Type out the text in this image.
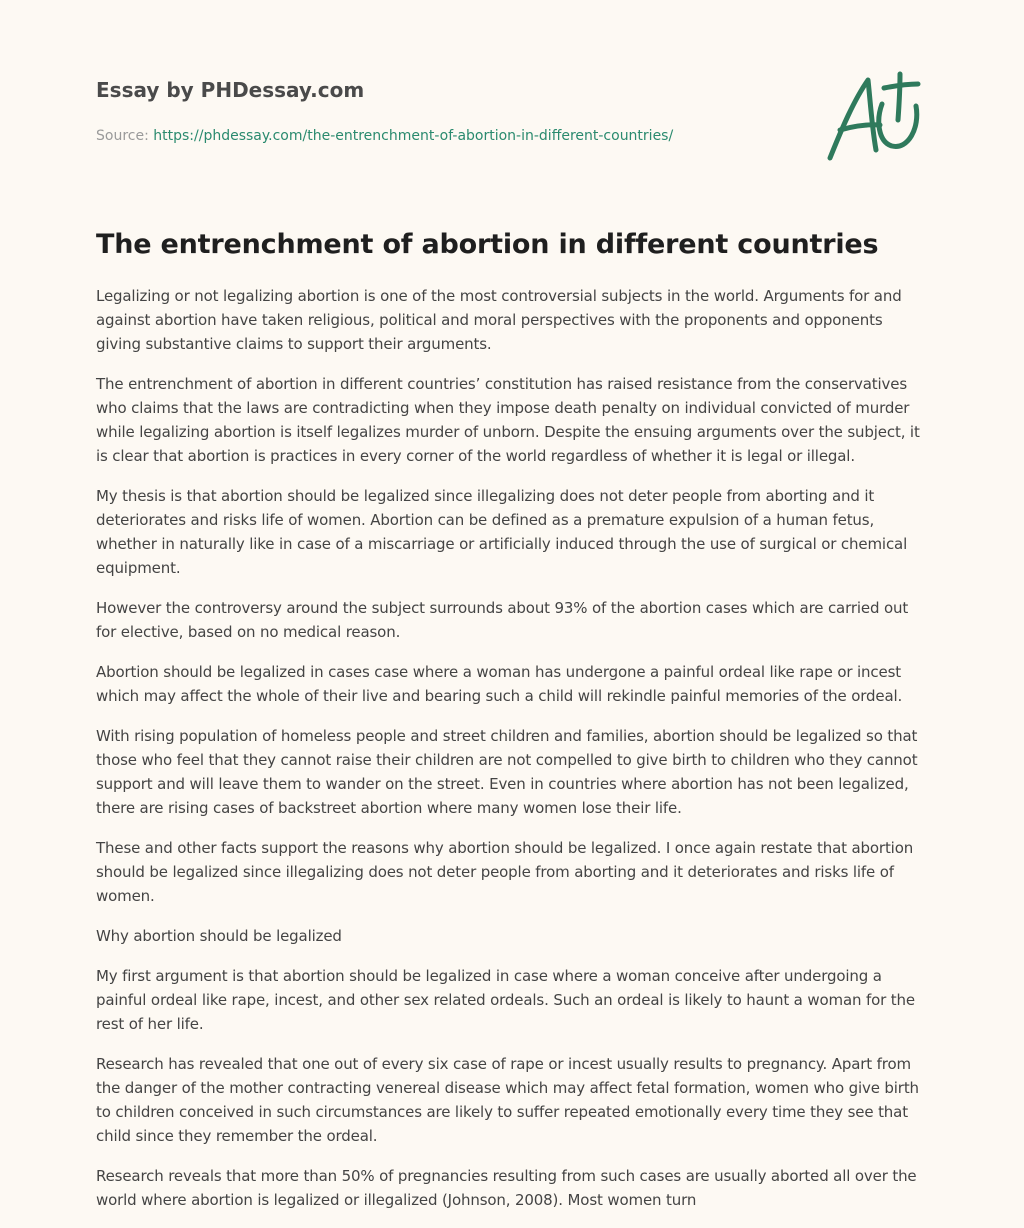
Essay by PHDessay.com
Source: https://phdessay.com/the-entrenchment-of-abortion-in-different-countries/
The entrenchment of abortion in different countries

Legalizing or not legalizing abortion is one of the most controversial subjects in the world. Arguments for and against abortion have taken religious, political and moral perspectives with the proponents and opponents giving substantive claims to support their arguments.

The entrenchment of abortion in different countries’ constitution has raised resistance from the conservatives who claims that the laws are contradicting when they impose death penalty on individual convicted of murder while legalizing abortion is itself legalizes murder of unborn. Despite the ensuing arguments over the subject, it is clear that abortion is practices in every corner of the world regardless of whether it is legal or illegal.

My thesis is that abortion should be legalized since illegalizing does not deter people from aborting and it deteriorates and risks life of women. Abortion can be defined as a premature expulsion of a human fetus, whether in naturally like in case of a miscarriage or artificially induced through the use of surgical or chemical equipment.

However the controversy around the subject surrounds about 93% of the abortion cases which are carried out for elective, based on no medical reason.

Abortion should be legalized in cases case where a woman has undergone a painful ordeal like rape or incest which may affect the whole of their live and bearing such a child will rekindle painful memories of the ordeal.

With rising population of homeless people and street children and families, abortion should be legalized so that those who feel that they cannot raise their children are not compelled to give birth to children who they cannot support and will leave them to wander on the street. Even in countries where abortion has not been legalized, there are rising cases of backstreet abortion where many women lose their life.

These and other facts support the reasons why abortion should be legalized. I once again restate that abortion should be legalized since illegalizing does not deter people from aborting and it deteriorates and risks life of women.

Why abortion should be legalized

My first argument is that abortion should be legalized in case where a woman conceive after undergoing a painful ordeal like rape, incest, and other sex related ordeals. Such an ordeal is likely to haunt a woman for the rest of her life.

Research has revealed that one out of every six case of rape or incest usually results to pregnancy. Apart from the danger of the mother contracting venereal disease which may affect fetal formation, women who give birth to children conceived in such circumstances are likely to suffer repeated emotionally every time they see that child since they remember the ordeal.

Research reveals that more than 50% of pregnancies resulting from such cases are usually aborted all over the world where abortion is legalized or illegalized (Johnson, 2008). Most women turn
